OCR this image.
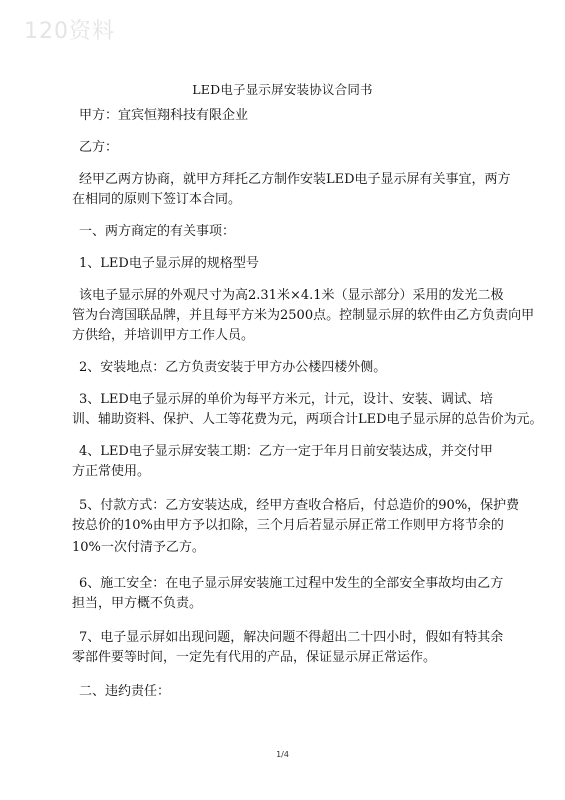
120资料
LED电子显示屏安装协议合同书
甲方：宜宾恒翔科技有限企业
乙方：
经甲乙两方协商，就甲方拜托乙方制作安装LED电子显示屏有关事宜，两方
在相同的原则下签订本合同。
一、两方商定的有关事项：
1、LED电子显示屏的规格型号
该电子显示屏的外观尺寸为高2.31米×4.1米（显示部分）采用的发光二极
管为台湾国联品牌，并且每平方米为2500点。控制显示屏的软件由乙方负责向甲
方供给，并培训甲方工作人员。
2、安装地点：乙方负责安装于甲方办公楼四楼外侧。
3、LED电子显示屏的单价为每平方米元，计元，设计、安装、调试、培
训、辅助资料、保护、人工等花费为元，两项合计LED电子显示屏的总告价为元。
4、LED电子显示屏安装工期：乙方一定于年月日前安装达成，并交付甲
方正常使用。
5、付款方式：乙方安装达成，经甲方查收合格后，付总造价的90%，保护费
按总价的10%由甲方予以扣除，三个月后若显示屏正常工作则甲方将节余的
10%一次付清予乙方。
6、施工安全：在电子显示屏安装施工过程中发生的全部安全事故均由乙方
担当，甲方概不负责。
7、电子显示屏如出现问题，解决问题不得超出二十四小时，假如有特其余
零部件要等时间，一定先有代用的产品，保证显示屏正常运作。
二、违约责任：
1/4
